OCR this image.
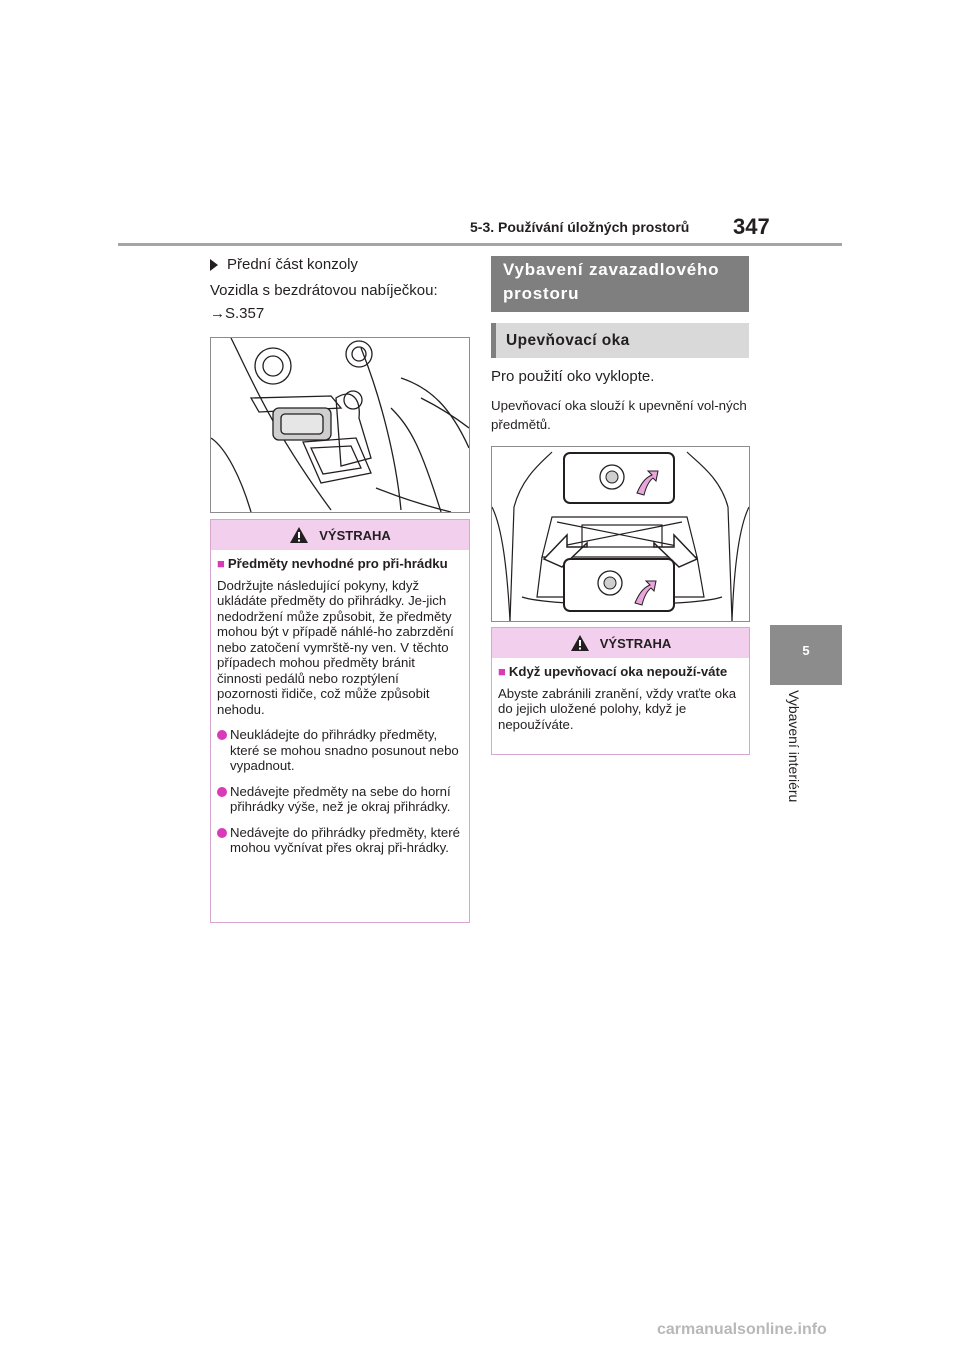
5-3. Používání úložných prostorů 347
5
Vybavení interiéru
Přední část konzoly
Vozidla s bezdrátovou nabíječkou:
→S.357
VÝSTRAHA
■ Předměty nevhodné pro při-hrádku
Dodržujte následující pokyny, když ukládáte předměty do přihrádky. Je-jich nedodržení může způsobit, že předměty mohou být v případě náhlé-ho zabrzdění nebo zatočení vymrště-ny ven. V těchto případech mohou předměty bránit činnosti pedálů nebo rozptýlení pozornosti řidiče, což může způsobit nehodu.
Neukládejte do přihrádky předměty, které se mohou snadno posunout nebo vypadnout.
Nedávejte předměty na sebe do horní přihrádky výše, než je okraj přihrádky.
Nedávejte do přihrádky předměty, které mohou vyčnívat přes okraj při-hrádky.
Vybavení zavazadlového prostoru
Upevňovací oka
Pro použití oko vyklopte.
Upevňovací oka slouží k upevnění vol-ných předmětů.
VÝSTRAHA
■ Když upevňovací oka nepouží-váte
Abyste zabránili zranění, vždy vraťte oka do jejich uložené polohy, když je nepoužíváte.
carmanualsonline.info
